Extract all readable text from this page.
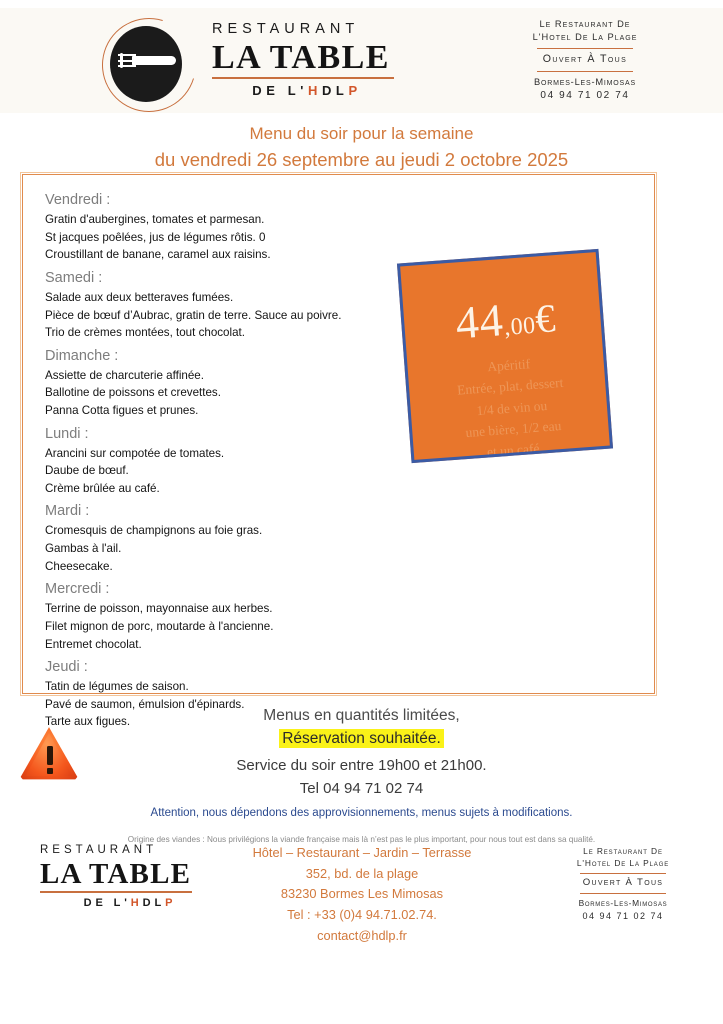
RESTAURANT
LA TABLE
DE L'HDLP
Le Restaurant De
L'Hotel De La Plage
Ouvert À Tous
Bormes-Les-Mimosas
04 94 71 02 74
Menu du soir pour la semaine
du vendredi 26 septembre au jeudi 2 octobre 2025
Vendredi :
Gratin d'aubergines, tomates et parmesan.
St jacques poêlées, jus de légumes rôtis. 0
Croustillant de banane, caramel aux raisins.
Samedi :
Salade aux deux betteraves fumées.
Pièce de bœuf d’Aubrac, gratin de terre. Sauce au poivre.
Trio de crèmes montées, tout chocolat.
Dimanche :
Assiette de charcuterie affinée.
Ballotine de poissons et crevettes.
Panna Cotta figues et prunes.
Lundi :
Arancini sur compotée de tomates.
Daube de bœuf.
Crème brûlée au café.
Mardi :
Cromesquis de champignons au foie gras.
Gambas à l'ail.
Cheesecake.
Mercredi :
Terrine de poisson, mayonnaise aux herbes.
Filet mignon de porc, moutarde à l'ancienne.
Entremet chocolat.
Jeudi :
Tatin de légumes de saison.
Pavé de saumon, émulsion d'épinards.
Tarte aux figues.
44,00€
Apéritif
Entrée, plat, dessert
1/4 de vin ou
une bière, 1/2 eau
et un café.
Menus en quantités limitées,
Réservation souhaitée.
Service du soir entre 19h00 et 21h00.
Tel 04 94 71 02 74
Attention, nous dépendons des approvisionnements, menus sujets à modifications.
Origine des viandes : Nous privilégions la viande française mais là n’est pas le plus important, pour nous tout est dans sa qualité.
RESTAURANT
LA TABLE
DE L'HDLP
Hôtel – Restaurant – Jardin – Terrasse
352, bd. de la plage
83230 Bormes Les Mimosas
Tel : +33 (0)4 94.71.02.74.
contact@hdlp.fr
Le Restaurant De
L'Hotel De La Plage
Ouvert À Tous
Bormes-Les-Mimosas
04 94 71 02 74
